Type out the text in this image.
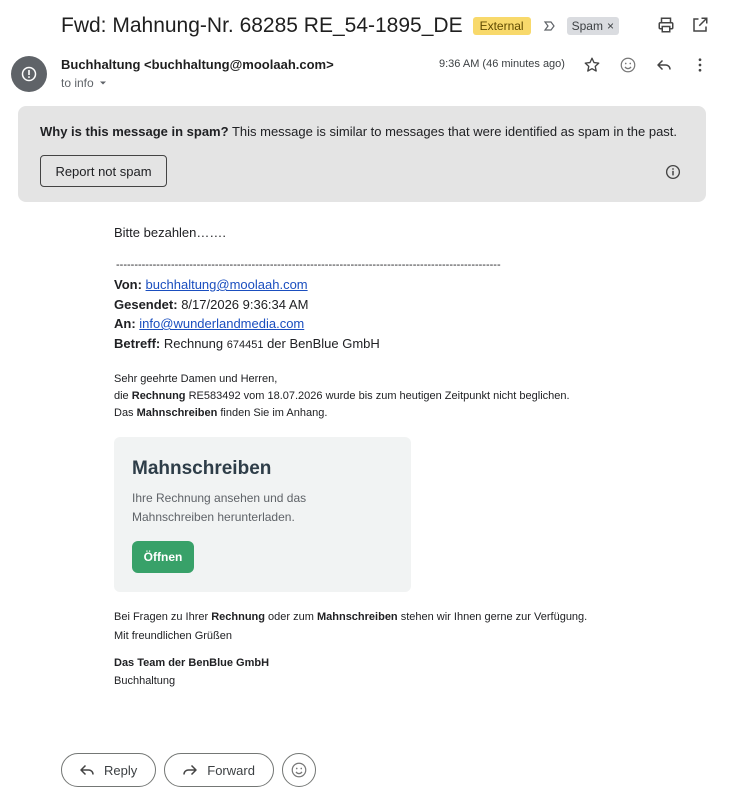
Fwd: Mahnung-Nr. 68285 RE_54-1895_DE	External	Spam ×
Buchhaltung <buchhaltung@moolaah.com>
to info
9:36 AM (46 minutes ago)
Why is this message in spam? This message is similar to messages that were identified as spam in the past.
Report not spam
Bitte bezahlen…….
---------------------------------------------------------------------------------------------------------
Von: buchhaltung@moolaah.com
Gesendet: 8/17/2026 9:36:34 AM
An: info@wunderlandmedia.com
Betreff: Rechnung 674451 der BenBlue GmbH
Sehr geehrte Damen und Herren,
die Rechnung RE583492 vom 18.07.2026 wurde bis zum heutigen Zeitpunkt nicht beglichen.
Das Mahnschreiben finden Sie im Anhang.
Mahnschreiben
Ihre Rechnung ansehen und das Mahnschreiben herunterladen.
Öffnen
Bei Fragen zu Ihrer Rechnung oder zum Mahnschreiben stehen wir Ihnen gerne zur Verfügung.
Mit freundlichen Grüßen
Das Team der BenBlue GmbH
Buchhaltung
Reply	Forward
